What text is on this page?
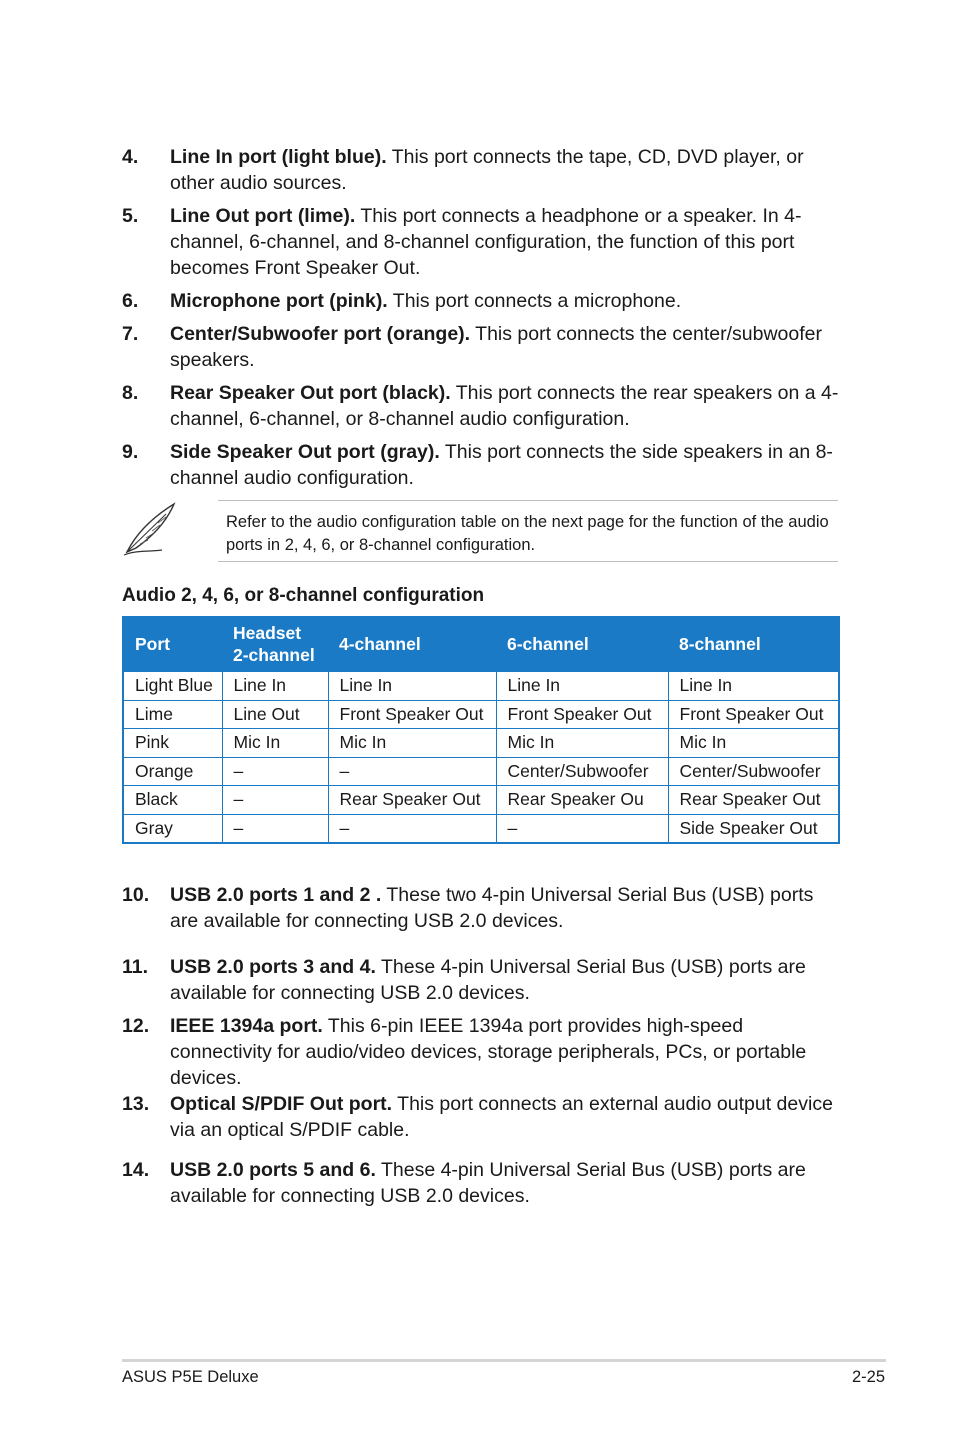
4. Line In port (light blue). This port connects the tape, CD, DVD player, or other audio sources.
5. Line Out port (lime). This port connects a headphone or a speaker. In 4-channel, 6-channel, and 8-channel configuration, the function of this port becomes Front Speaker Out.
6. Microphone port (pink). This port connects a microphone.
7. Center/Subwoofer port (orange). This port connects the center/subwoofer speakers.
8. Rear Speaker Out port (black). This port connects the rear speakers on a 4-channel, 6-channel, or 8-channel audio configuration.
9. Side Speaker Out port (gray). This port connects the side speakers in an 8-channel audio configuration.
Refer to the audio configuration table on the next page for the function of the audio ports in 2, 4, 6, or 8-channel configuration.
Audio 2, 4, 6, or 8-channel configuration
Port	Headset 2-channel	4-channel	6-channel	8-channel
Light Blue	Line In	Line In	Line In	Line In
Lime	Line Out	Front Speaker Out	Front Speaker Out	Front Speaker Out
Pink	Mic In	Mic In	Mic In	Mic In
Orange	–	–	Center/Subwoofer	Center/Subwoofer
Black	–	Rear Speaker Out	Rear Speaker Ou	Rear Speaker Out
Gray	–	–	–	Side Speaker Out
10. USB 2.0 ports 1 and 2 . These two 4-pin Universal Serial Bus (USB) ports are available for connecting USB 2.0 devices.
11. USB 2.0 ports 3 and 4. These 4-pin Universal Serial Bus (USB) ports are available for connecting USB 2.0 devices.
12. IEEE 1394a port. This 6-pin IEEE 1394a port provides high-speed connectivity for audio/video devices, storage peripherals, PCs, or portable devices.
13. Optical S/PDIF Out port. This port connects an external audio output device via an optical S/PDIF cable.
14. USB 2.0 ports 5 and 6. These 4-pin Universal Serial Bus (USB) ports are available for connecting USB 2.0 devices.
ASUS P5E Deluxe	2-25
